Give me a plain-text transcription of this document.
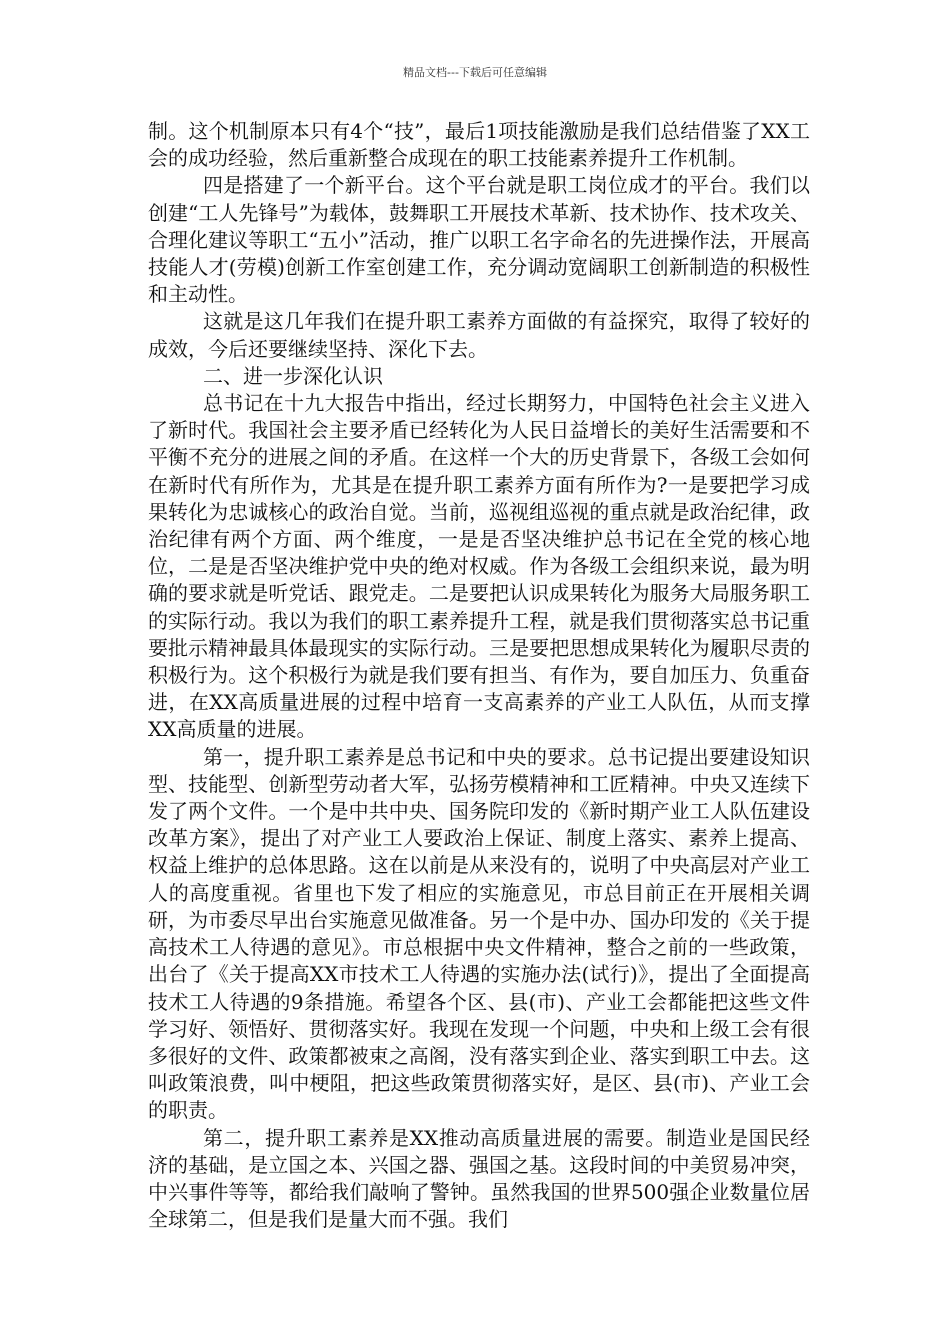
精品文档---下载后可任意编辑

制。这个机制原本只有4个“技”，最后1项技能激励是我们总结借鉴了XX工会的成功经验，然后重新整合成现在的职工技能素养提升工作机制。

四是搭建了一个新平台。这个平台就是职工岗位成才的平台。我们以创建“工人先锋号”为载体，鼓舞职工开展技术革新、技术协作、技术攻关、合理化建议等职工“五小”活动，推广以职工名字命名的先进操作法，开展高技能人才(劳模)创新工作室创建工作，充分调动宽阔职工创新制造的积极性和主动性。

这就是这几年我们在提升职工素养方面做的有益探究，取得了较好的成效，今后还要继续坚持、深化下去。

二、进一步深化认识

总书记在十九大报告中指出，经过长期努力，中国特色社会主义进入了新时代。我国社会主要矛盾已经转化为人民日益增长的美好生活需要和不平衡不充分的进展之间的矛盾。在这样一个大的历史背景下，各级工会如何在新时代有所作为，尤其是在提升职工素养方面有所作为?一是要把学习成果转化为忠诚核心的政治自觉。当前，巡视组巡视的重点就是政治纪律，政治纪律有两个方面、两个维度，一是是否坚决维护总书记在全党的核心地位，二是是否坚决维护党中央的绝对权威。作为各级工会组织来说，最为明确的要求就是听党话、跟党走。二是要把认识成果转化为服务大局服务职工的实际行动。我以为我们的职工素养提升工程，就是我们贯彻落实总书记重要批示精神最具体最现实的实际行动。三是要把思想成果转化为履职尽责的积极行为。这个积极行为就是我们要有担当、有作为，要自加压力、负重奋进，在XX高质量进展的过程中培育一支高素养的产业工人队伍，从而支撑XX高质量的进展。

第一，提升职工素养是总书记和中央的要求。总书记提出要建设知识型、技能型、创新型劳动者大军，弘扬劳模精神和工匠精神。中央又连续下发了两个文件。一个是中共中央、国务院印发的《新时期产业工人队伍建设改革方案》，提出了对产业工人要政治上保证、制度上落实、素养上提高、权益上维护的总体思路。这在以前是从来没有的，说明了中央高层对产业工人的高度重视。省里也下发了相应的实施意见，市总目前正在开展相关调研，为市委尽早出台实施意见做准备。另一个是中办、国办印发的《关于提高技术工人待遇的意见》。市总根据中央文件精神，整合之前的一些政策，出台了《关于提高XX市技术工人待遇的实施办法(试行)》，提出了全面提高技术工人待遇的9条措施。希望各个区、县(市)、产业工会都能把这些文件学习好、领悟好、贯彻落实好。我现在发现一个问题，中央和上级工会有很多很好的文件、政策都被束之高阁，没有落实到企业、落实到职工中去。这叫政策浪费，叫中梗阻，把这些政策贯彻落实好，是区、县(市)、产业工会的职责。

第二，提升职工素养是XX推动高质量进展的需要。制造业是国民经济的基础，是立国之本、兴国之器、强国之基。这段时间的中美贸易冲突，中兴事件等等，都给我们敲响了警钟。虽然我国的世界500强企业数量位居全球第二，但是我们是量大而不强。我们
